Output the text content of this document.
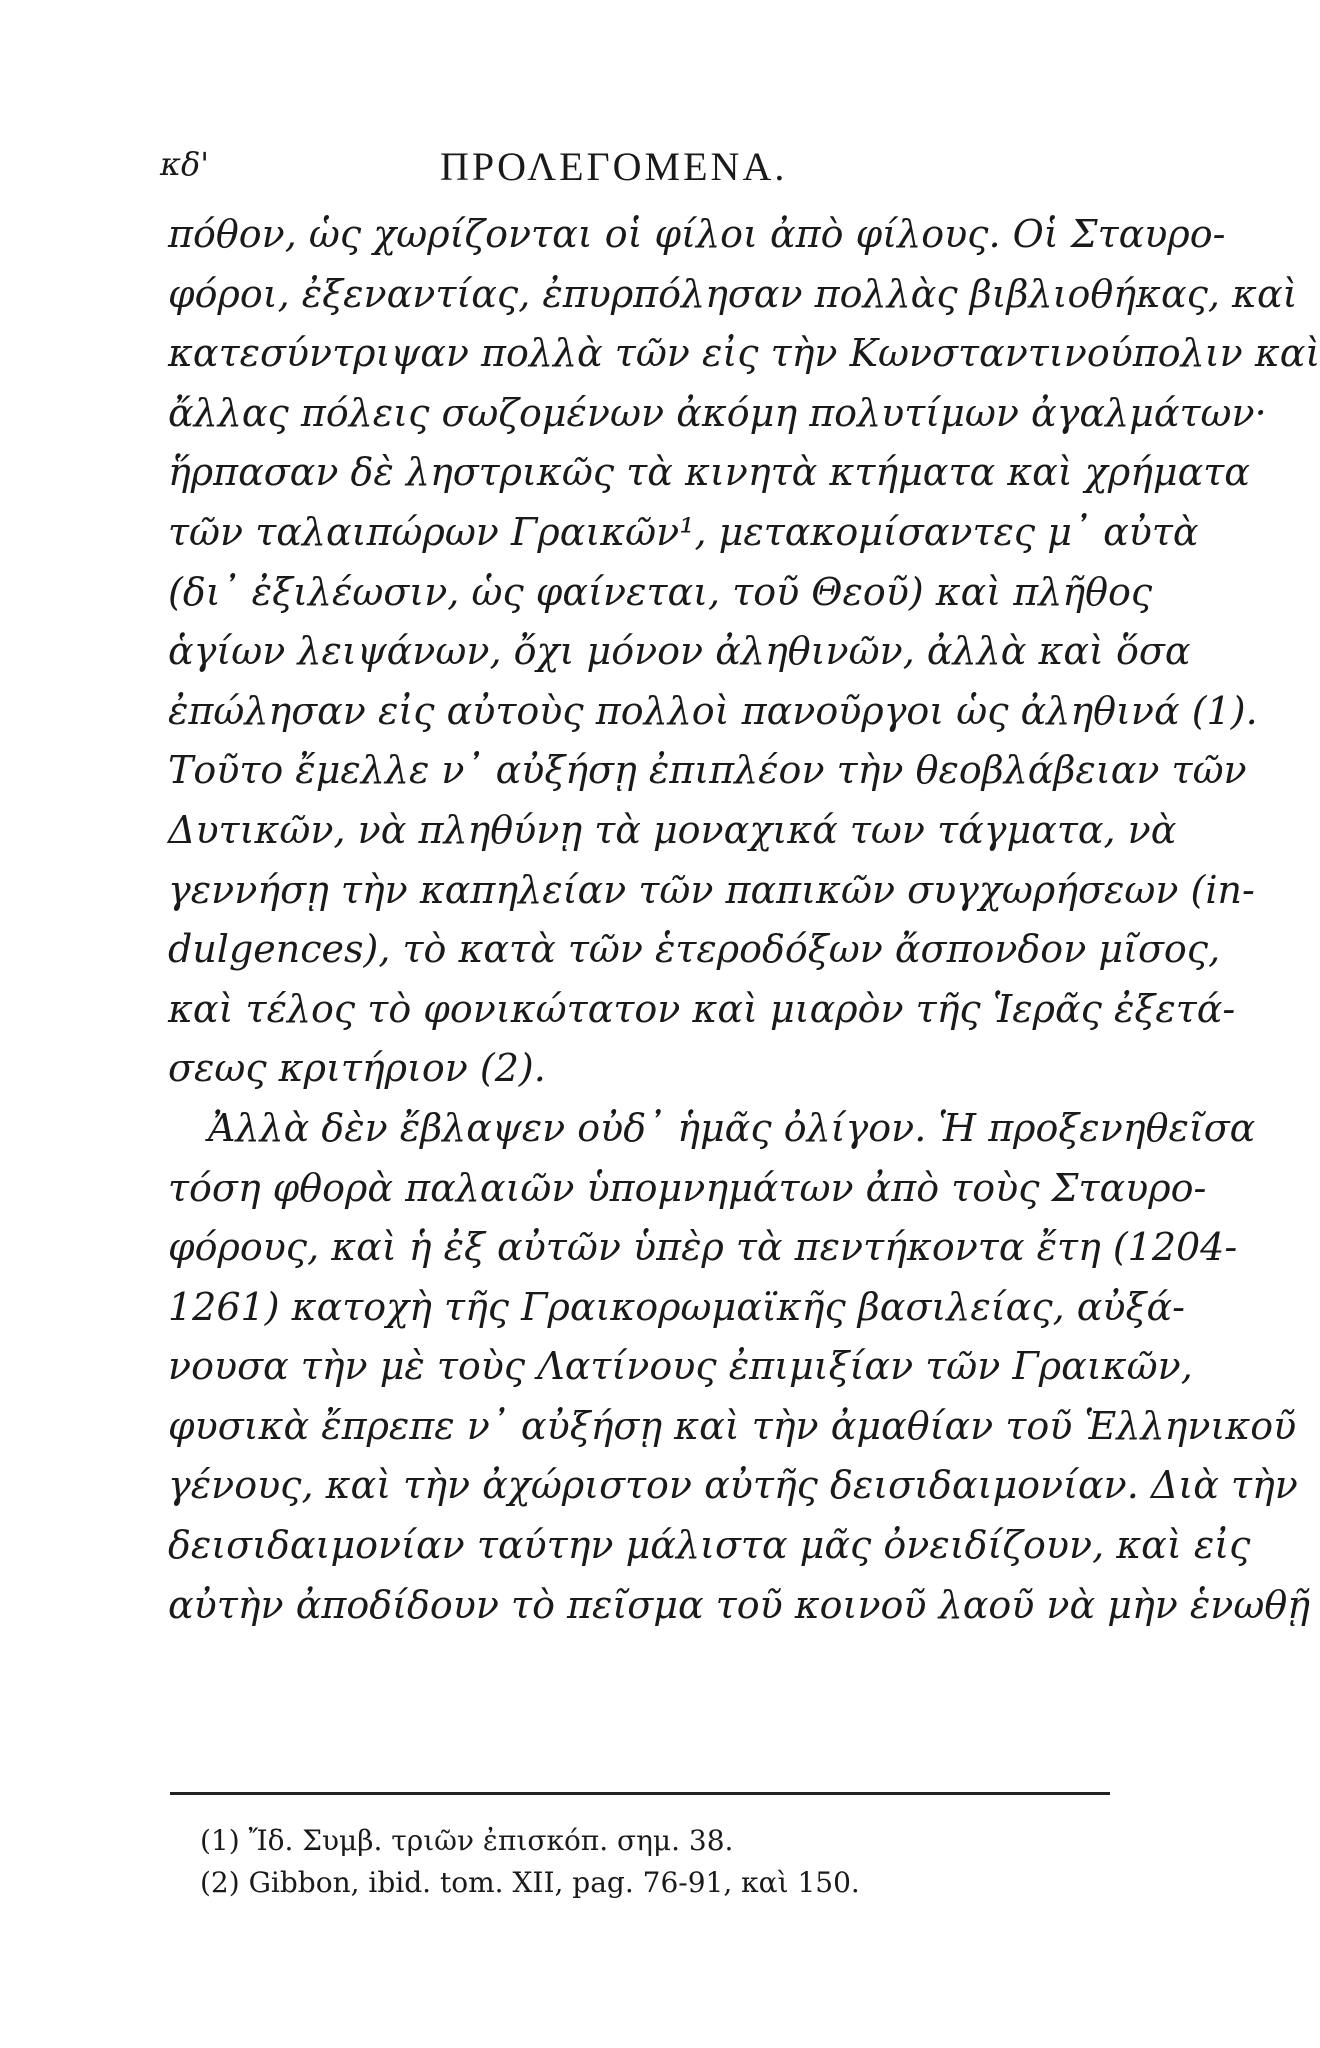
κδ'	ΠΡΟΛΕΓΟΜΕΝΑ.
πόθον, ὡς χωρίζονται οἱ φίλοι ἀπὸ φίλους. Οἱ Σταυρο-
φόροι, ἐξεναντίας, ἐπυρπόλησαν πολλὰς βιβλιοθήκας, καὶ
κατεσύντριψαν πολλὰ τῶν εἰς τὴν Κωνσταντινούπολιν καὶ
ἄλλας πόλεις σωζομένων ἀκόμη πολυτίμων ἀγαλμάτων·
ἥρπασαν δὲ ληστρικῶς τὰ κινητὰ κτήματα καὶ χρήματα
τῶν ταλαιπώρων Γραικῶν¹, μετακομίσαντες μ᾽ αὐτὰ
(δι᾽ ἐξιλέωσιν, ὡς φαίνεται, τοῦ Θεοῦ) καὶ πλῆθος
ἁγίων λειψάνων, ὄχι μόνον ἀληθινῶν, ἀλλὰ καὶ ὅσα
ἐπώλησαν εἰς αὐτοὺς πολλοὶ πανοῦργοι ὡς ἀληθινά (1).
Τοῦτο ἔμελλε ν᾽ αὐξήσῃ ἐπιπλέον τὴν θεοβλάβειαν τῶν
Δυτικῶν, νὰ πληθύνῃ τὰ μοναχικά των τάγματα, νὰ
γεννήσῃ τὴν καπηλείαν τῶν παπικῶν συγχωρήσεων (in-
dulgences), τὸ κατὰ τῶν ἑτεροδόξων ἄσπονδον μῖσος,
καὶ τέλος τὸ φονικώτατον καὶ μιαρὸν τῆς Ἱερᾶς ἐξετά-
σεως κριτήριον (2).
Ἀλλὰ δὲν ἔβλαψεν οὐδ᾽ ἡμᾶς ὀλίγον. Ἡ προξενηθεῖσα
τόση φθορὰ παλαιῶν ὑπομνημάτων ἀπὸ τοὺς Σταυρο-
φόρους, καὶ ἡ ἐξ αὐτῶν ὑπὲρ τὰ πεντήκοντα ἔτη (1204-
1261) κατοχὴ τῆς Γραικορωμαϊκῆς βασιλείας, αὐξά-
νουσα τὴν μὲ τοὺς Λατίνους ἐπιμιξίαν τῶν Γραικῶν,
φυσικὰ ἔπρεπε ν᾽ αὐξήσῃ καὶ τὴν ἀμαθίαν τοῦ Ἑλληνικοῦ
γένους, καὶ τὴν ἀχώριστον αὐτῆς δεισιδαιμονίαν. Διὰ τὴν
δεισιδαιμονίαν ταύτην μάλιστα μᾶς ὀνειδίζουν, καὶ εἰς
αὐτὴν ἀποδίδουν τὸ πεῖσμα τοῦ κοινοῦ λαοῦ νὰ μὴν ἑνωθῇ
(1) Ἴδ. Συμβ. τριῶν ἐπισκόπ. σημ. 38.
(2) Gibbon, ibid. tom. XII, pag. 76-91, καὶ 150.
